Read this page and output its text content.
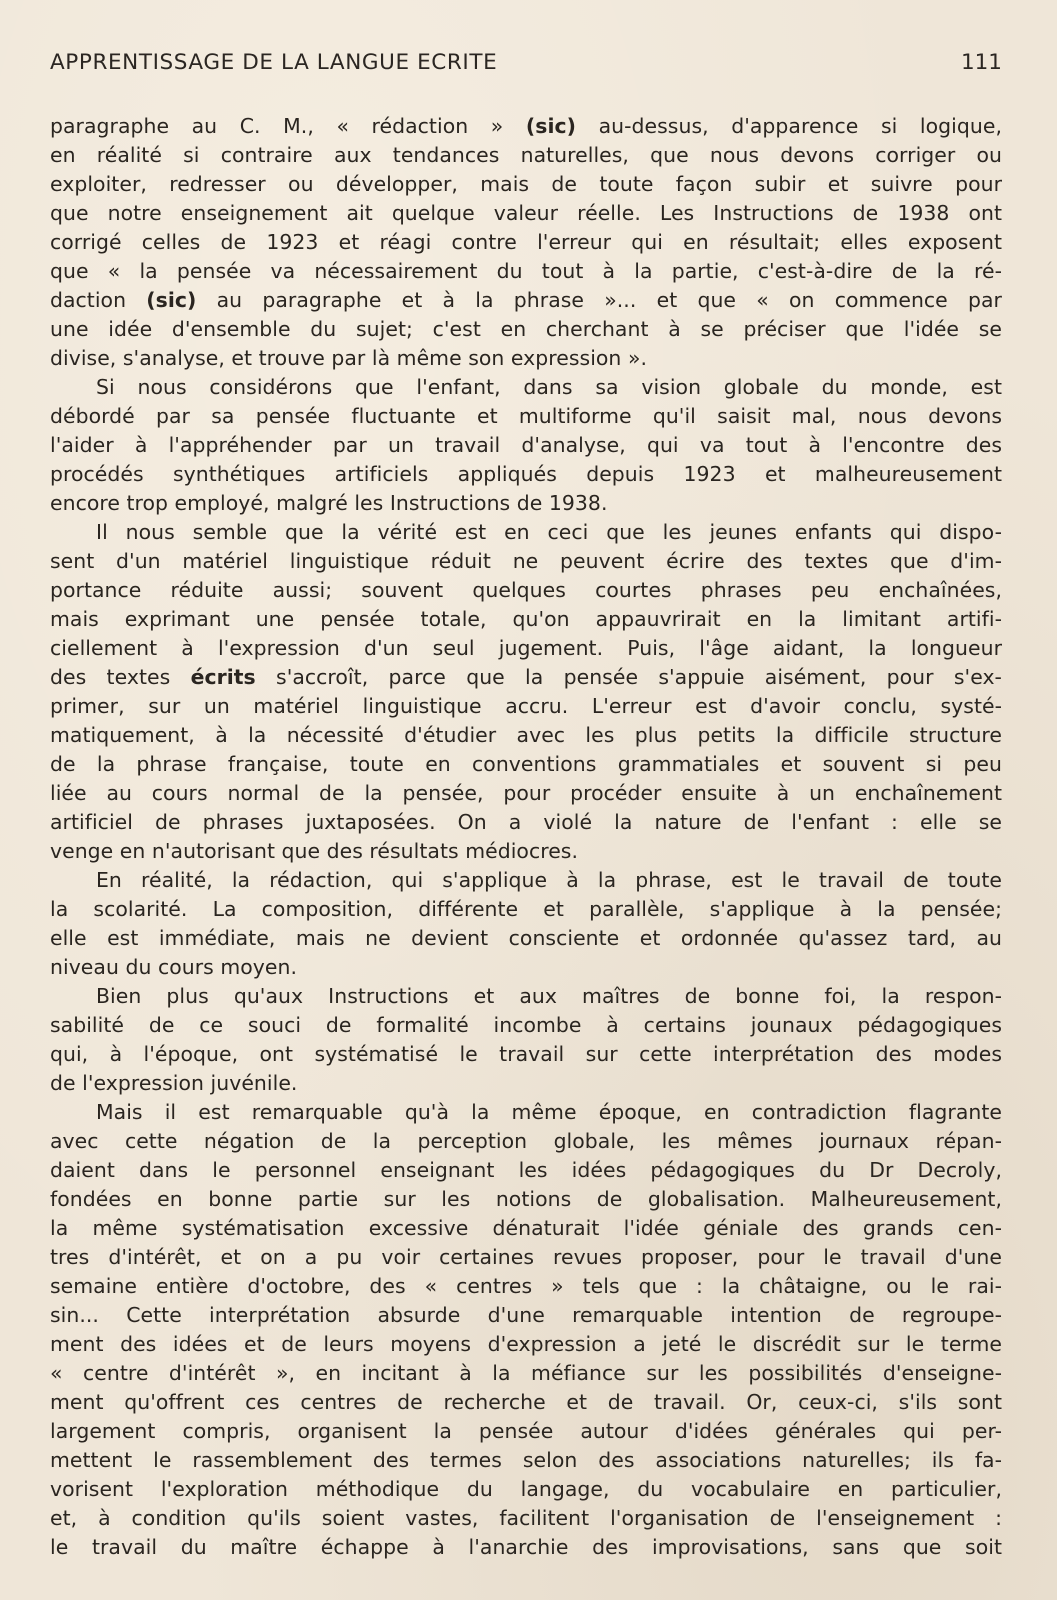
APPRENTISSAGE DE LA LANGUE ECRITE	111
paragraphe au C. M., « rédaction » (sic) au-dessus, d'apparence si logique,
en réalité si contraire aux tendances naturelles, que nous devons corriger ou
exploiter, redresser ou développer, mais de toute façon subir et suivre pour
que notre enseignement ait quelque valeur réelle. Les Instructions de 1938 ont
corrigé celles de 1923 et réagi contre l'erreur qui en résultait; elles exposent
que « la pensée va nécessairement du tout à la partie, c'est-à-dire de la ré-
daction (sic) au paragraphe et à la phrase »... et que « on commence par
une idée d'ensemble du sujet; c'est en cherchant à se préciser que l'idée se
divise, s'analyse, et trouve par là même son expression ».
Si nous considérons que l'enfant, dans sa vision globale du monde, est
débordé par sa pensée fluctuante et multiforme qu'il saisit mal, nous devons
l'aider à l'appréhender par un travail d'analyse, qui va tout à l'encontre des
procédés synthétiques artificiels appliqués depuis 1923 et malheureusement
encore trop employé, malgré les Instructions de 1938.
Il nous semble que la vérité est en ceci que les jeunes enfants qui dispo-
sent d'un matériel linguistique réduit ne peuvent écrire des textes que d'im-
portance réduite aussi; souvent quelques courtes phrases peu enchaînées,
mais exprimant une pensée totale, qu'on appauvrirait en la limitant artifi-
ciellement à l'expression d'un seul jugement. Puis, l'âge aidant, la longueur
des textes écrits s'accroît, parce que la pensée s'appuie aisément, pour s'ex-
primer, sur un matériel linguistique accru. L'erreur est d'avoir conclu, systé-
matiquement, à la nécessité d'étudier avec les plus petits la difficile structure
de la phrase française, toute en conventions grammatiales et souvent si peu
liée au cours normal de la pensée, pour procéder ensuite à un enchaînement
artificiel de phrases juxtaposées. On a violé la nature de l'enfant : elle se
venge en n'autorisant que des résultats médiocres.
En réalité, la rédaction, qui s'applique à la phrase, est le travail de toute
la scolarité. La composition, différente et parallèle, s'applique à la pensée;
elle est immédiate, mais ne devient consciente et ordonnée qu'assez tard, au
niveau du cours moyen.
Bien plus qu'aux Instructions et aux maîtres de bonne foi, la respon-
sabilité de ce souci de formalité incombe à certains jounaux pédagogiques
qui, à l'époque, ont systématisé le travail sur cette interprétation des modes
de l'expression juvénile.
Mais il est remarquable qu'à la même époque, en contradiction flagrante
avec cette négation de la perception globale, les mêmes journaux répan-
daient dans le personnel enseignant les idées pédagogiques du Dr Decroly,
fondées en bonne partie sur les notions de globalisation. Malheureusement,
la même systématisation excessive dénaturait l'idée géniale des grands cen-
tres d'intérêt, et on a pu voir certaines revues proposer, pour le travail d'une
semaine entière d'octobre, des « centres » tels que : la châtaigne, ou le rai-
sin... Cette interprétation absurde d'une remarquable intention de regroupe-
ment des idées et de leurs moyens d'expression a jeté le discrédit sur le terme
« centre d'intérêt », en incitant à la méfiance sur les possibilités d'enseigne-
ment qu'offrent ces centres de recherche et de travail. Or, ceux-ci, s'ils sont
largement compris, organisent la pensée autour d'idées générales qui per-
mettent le rassemblement des termes selon des associations naturelles; ils fa-
vorisent l'exploration méthodique du langage, du vocabulaire en particulier,
et, à condition qu'ils soient vastes, facilitent l'organisation de l'enseignement :
le travail du maître échappe à l'anarchie des improvisations, sans que soit
